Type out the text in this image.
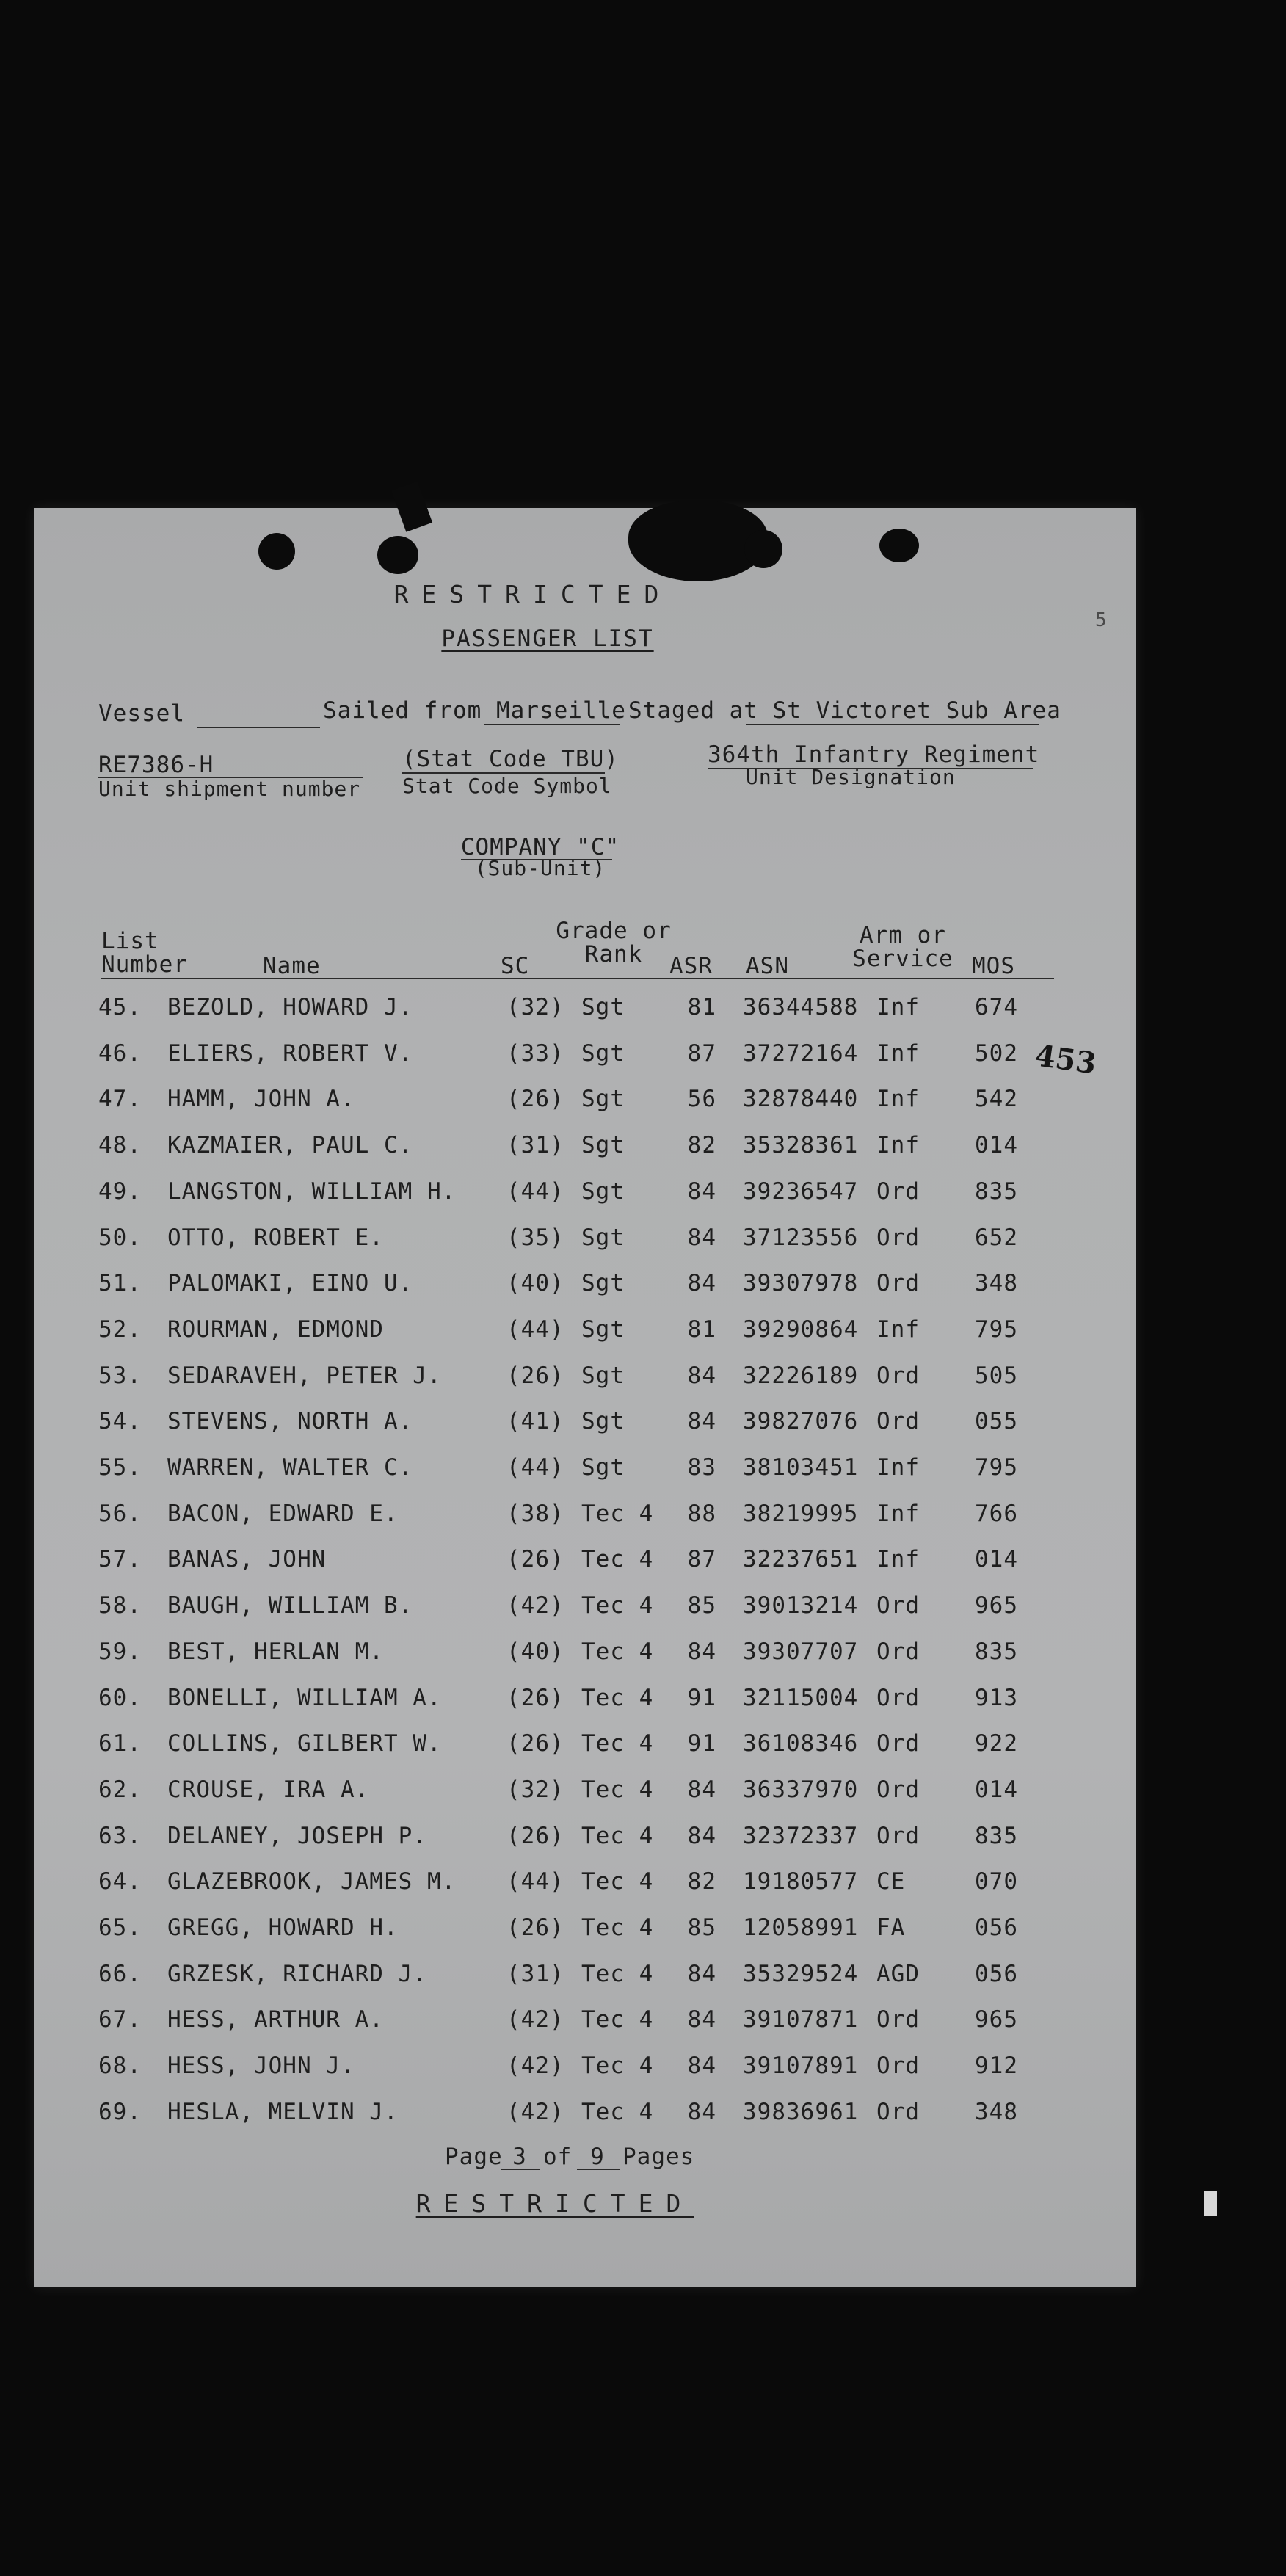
RESTRICTED
PASSENGER LIST
5
Vessel	Sailed from Marseille Staged at St Victoret Sub Area
RE7386-H
Unit shipment number
(Stat Code TBU)
Stat Code Symbol
364th Infantry Regiment
Unit Designation
COMPANY "C"
(Sub-Unit)
List
Number	Name	SC
Grade or
Rank	ASR ASN
Arm or
Service MOS
453
45.	BEZOLD, HOWARD J.	(32) Sgt	81 36344588 Inf	674
46.	ELIERS, ROBERT V.	(33) Sgt	87 37272164 Inf	502
47.	HAMM, JOHN A.	(26) Sgt	56 32878440 Inf	542
48.	KAZMAIER, PAUL C.	(31) Sgt	82 35328361 Inf	014
49.	LANGSTON, WILLIAM H.	(44) Sgt	84 39236547 Ord	835
50.	OTTO, ROBERT E.	(35) Sgt	84 37123556 Ord	652
51.	PALOMAKI, EINO U.	(40) Sgt	84 39307978 Ord	348
52.	ROURMAN, EDMOND	(44) Sgt	81 39290864 Inf	795
53.	SEDARAVEH, PETER J.	(26) Sgt	84 32226189 Ord	505
54.	STEVENS, NORTH A.	(41) Sgt	84 39827076 Ord	055
55.	WARREN, WALTER C.	(44) Sgt	83 38103451 Inf	795
56.	BACON, EDWARD E.	(38) Tec 4	88 38219995 Inf	766
57.	BANAS, JOHN	(26) Tec 4	87 32237651 Inf	014
58.	BAUGH, WILLIAM B.	(42) Tec 4	85 39013214 Ord	965
59.	BEST, HERLAN M.	(40) Tec 4	84 39307707 Ord	835
60.	BONELLI, WILLIAM A.	(26) Tec 4	91 32115004 Ord	913
61.	COLLINS, GILBERT W.	(26) Tec 4	91 36108346 Ord	922
62.	CROUSE, IRA A.	(32) Tec 4	84 36337970 Ord	014
63.	DELANEY, JOSEPH P.	(26) Tec 4	84 32372337 Ord	835
64.	GLAZEBROOK, JAMES M.	(44) Tec 4	82 19180577 CE	070
65.	GREGG, HOWARD H.	(26) Tec 4	85 12058991 FA	056
66.	GRZESK, RICHARD J.	(31) Tec 4	84 35329524 AGD	056
67.	HESS, ARTHUR A.	(42) Tec 4	84 39107871 Ord	965
68.	HESS, JOHN J.	(42) Tec 4	84 39107891 Ord	912
69.	HESLA, MELVIN J.	(42) Tec 4	84 39836961 Ord	348
Page 3 of 9 Pages
RESTRICTED
